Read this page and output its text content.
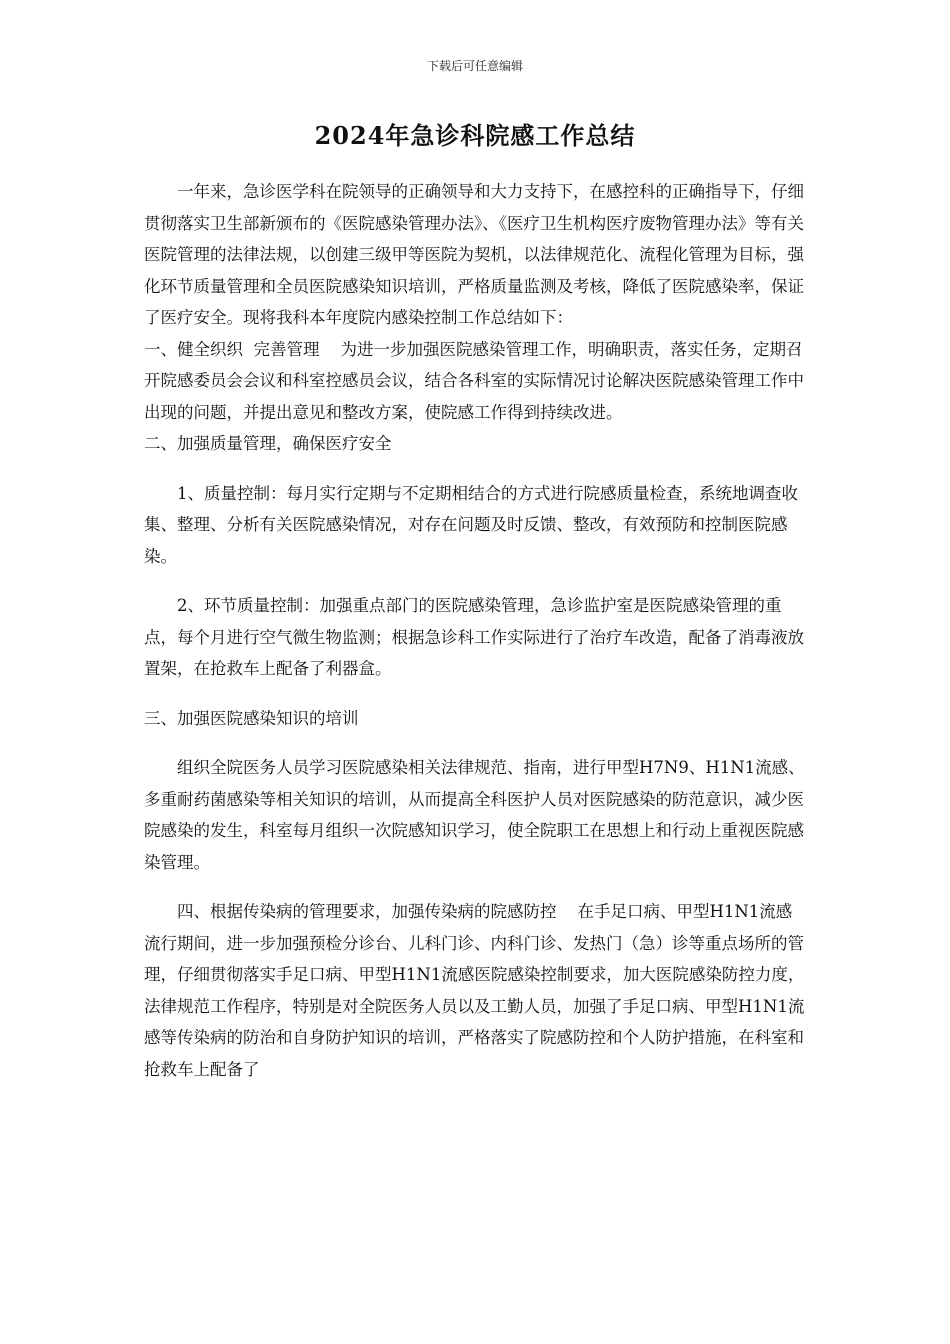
下载后可任意编辑
2024年急诊科院感工作总结

一年来，急诊医学科在院领导的正确领导和大力支持下，在感控科的正确指导下，仔细贯彻落实卫生部新颁布的《医院感染管理办法》、《医疗卫生机构医疗废物管理办法》等有关医院管理的法律法规，以创建三级甲等医院为契机，以法律规范化、流程化管理为目标，强化环节质量管理和全员医院感染知识培训，严格质量监测及考核，降低了医院感染率，保证了医疗安全。现将我科本年度院内感染控制工作总结如下：

一、健全织织  完善管理    为进一步加强医院感染管理工作，明确职责，落实任务，定期召开院感委员会会议和科室控感员会议，结合各科室的实际情况讨论解决医院感染管理工作中出现的问题，并提出意见和整改方案，使院感工作得到持续改进。

二、加强质量管理，确保医疗安全

1、质量控制：每月实行定期与不定期相结合的方式进行院感质量检查，系统地调查收集、整理、分析有关医院感染情况，对存在问题及时反馈、整改，有效预防和控制医院感染。

2、环节质量控制：加强重点部门的医院感染管理，急诊监护室是医院感染管理的重点，每个月进行空气微生物监测；根据急诊科工作实际进行了治疗车改造，配备了消毒液放置架，在抢救车上配备了利器盒。

三、加强医院感染知识的培训

组织全院医务人员学习医院感染相关法律规范、指南，进行甲型H7N9、H1N1流感、多重耐药菌感染等相关知识的培训，从而提高全科医护人员对医院感染的防范意识，减少医院感染的发生，科室每月组织一次院感知识学习，使全院职工在思想上和行动上重视医院感染管理。

四、根据传染病的管理要求，加强传染病的院感防控    在手足口病、甲型H1N1流感流行期间，进一步加强预检分诊台、儿科门诊、内科门诊、发热门（急）诊等重点场所的管理，仔细贯彻落实手足口病、甲型H1N1流感医院感染控制要求，加大医院感染防控力度，法律规范工作程序，特别是对全院医务人员以及工勤人员，加强了手足口病、甲型H1N1流感等传染病的防治和自身防护知识的培训，严格落实了院感防控和个人防护措施，在科室和抢救车上配备了
